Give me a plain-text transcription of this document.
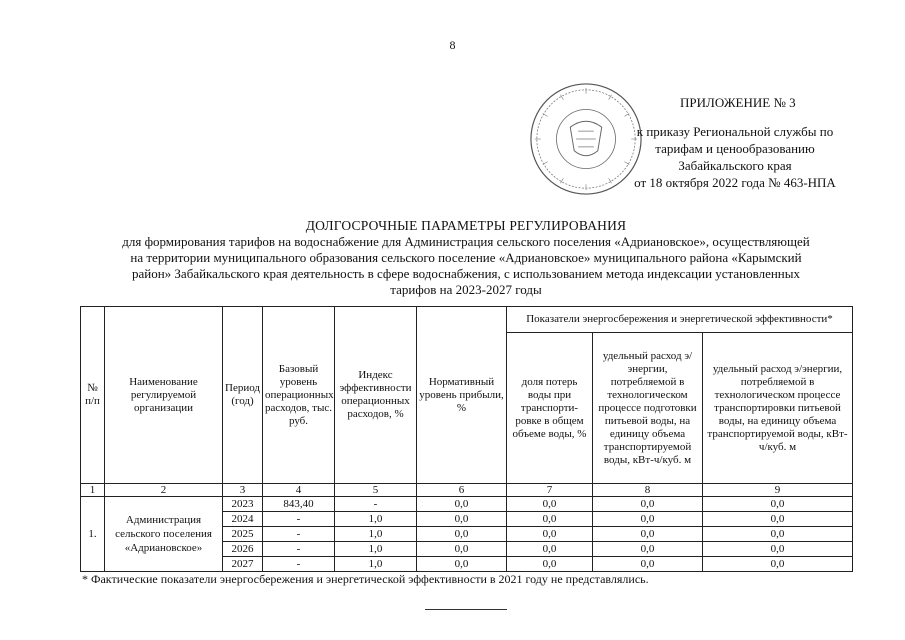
8
ПРИЛОЖЕНИЕ № 3
к приказу Региональной службы по
тарифам и ценообразованию
Забайкальского края
от 18 октября 2022 года № 463-НПА
ДОЛГОСРОЧНЫЕ ПАРАМЕТРЫ РЕГУЛИРОВАНИЯ
для формирования тарифов на водоснабжение для Администрация сельского поселения «Адриановское», осуществляющей
на территории муниципального образования сельского поселение «Адриановское» муниципального района «Карымский
район» Забайкальского края деятельность в сфере водоснабжения, с использованием метода индексации установленных
тарифов на 2023-2027 годы
№ п/п	Наименование регулируемой организации	Период (год)	Базовый уровень операционных расходов, тыс. руб.	Индекс эффективности операционных расходов, %	Нормативный уровень прибыли, %	Показатели энергосбережения и энергетической эффективности*		
						доля потерь воды при транспорти-ровке в общем объеме воды, %	удельный расход э/энергии, потребляемой в технологическом процессе подготовки питьевой воды, на единицу объема транспортируемой воды, кВт-ч/куб. м	удельный расход э/энергии, потребляемой в технологическом процессе транспортировки питьевой воды, на единицу объема транспортируемой воды, кВт-ч/куб. м
1	2	3	4	5	6	7	8	9
1.	Администрация сельского поселения «Адриановское»	2023	843,40	-	0,0	0,0	0,0	0,0
		2024	-	1,0	0,0	0,0	0,0	0,0
		2025	-	1,0	0,0	0,0	0,0	0,0
		2026	-	1,0	0,0	0,0	0,0	0,0
		2027	-	1,0	0,0	0,0	0,0	0,0
* Фактические показатели энергосбережения и энергетической эффективности в 2021 году не представлялись.
